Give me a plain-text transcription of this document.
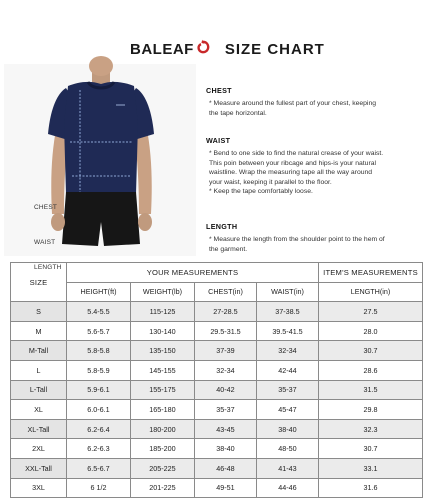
BALEAF SIZE CHART
CHEST
WAIST
LENGTH
CHEST

* Measure around the fullest part of your chest, keeping

the tape horizontal.

WAIST

* Bend to one side to find the natural crease of your waist.

This poin between your ribcage and hips-is your natural

waistline. Wrap the measuring tape all the way around

your waist, keeping it parallel to the floor.

* Keep the tape comfortably loose.

LENGTH

* Measure the length from the shoulder point to the hem of

the garment.

SIZE	YOUR MEASUREMENTS				ITEM'S MEASUREMENTS
	HEIGHT(ft)	WEIGHT(lb)	CHEST(in)	WAIST(in)	LENGTH(in)
S	5.4-5.5	115-125	27-28.5	37-38.5	27.5
M	5.6-5.7	130-140	29.5-31.5	39.5-41.5	28.0
M-Tall	5.8-5.8	135-150	37-39	32-34	30.7
L	5.8-5.9	145-155	32-34	42-44	28.6
L-Tall	5.9-6.1	155-175	40-42	35-37	31.5
XL	6.0-6.1	165-180	35-37	45-47	29.8
XL-Tall	6.2-6.4	180-200	43-45	38-40	32.3
2XL	6.2-6.3	185-200	38-40	48-50	30.7
XXL-Tall	6.5-6.7	205-225	46-48	41-43	33.1
3XL	6 1/2	201-225	49-51	44-46	31.6
